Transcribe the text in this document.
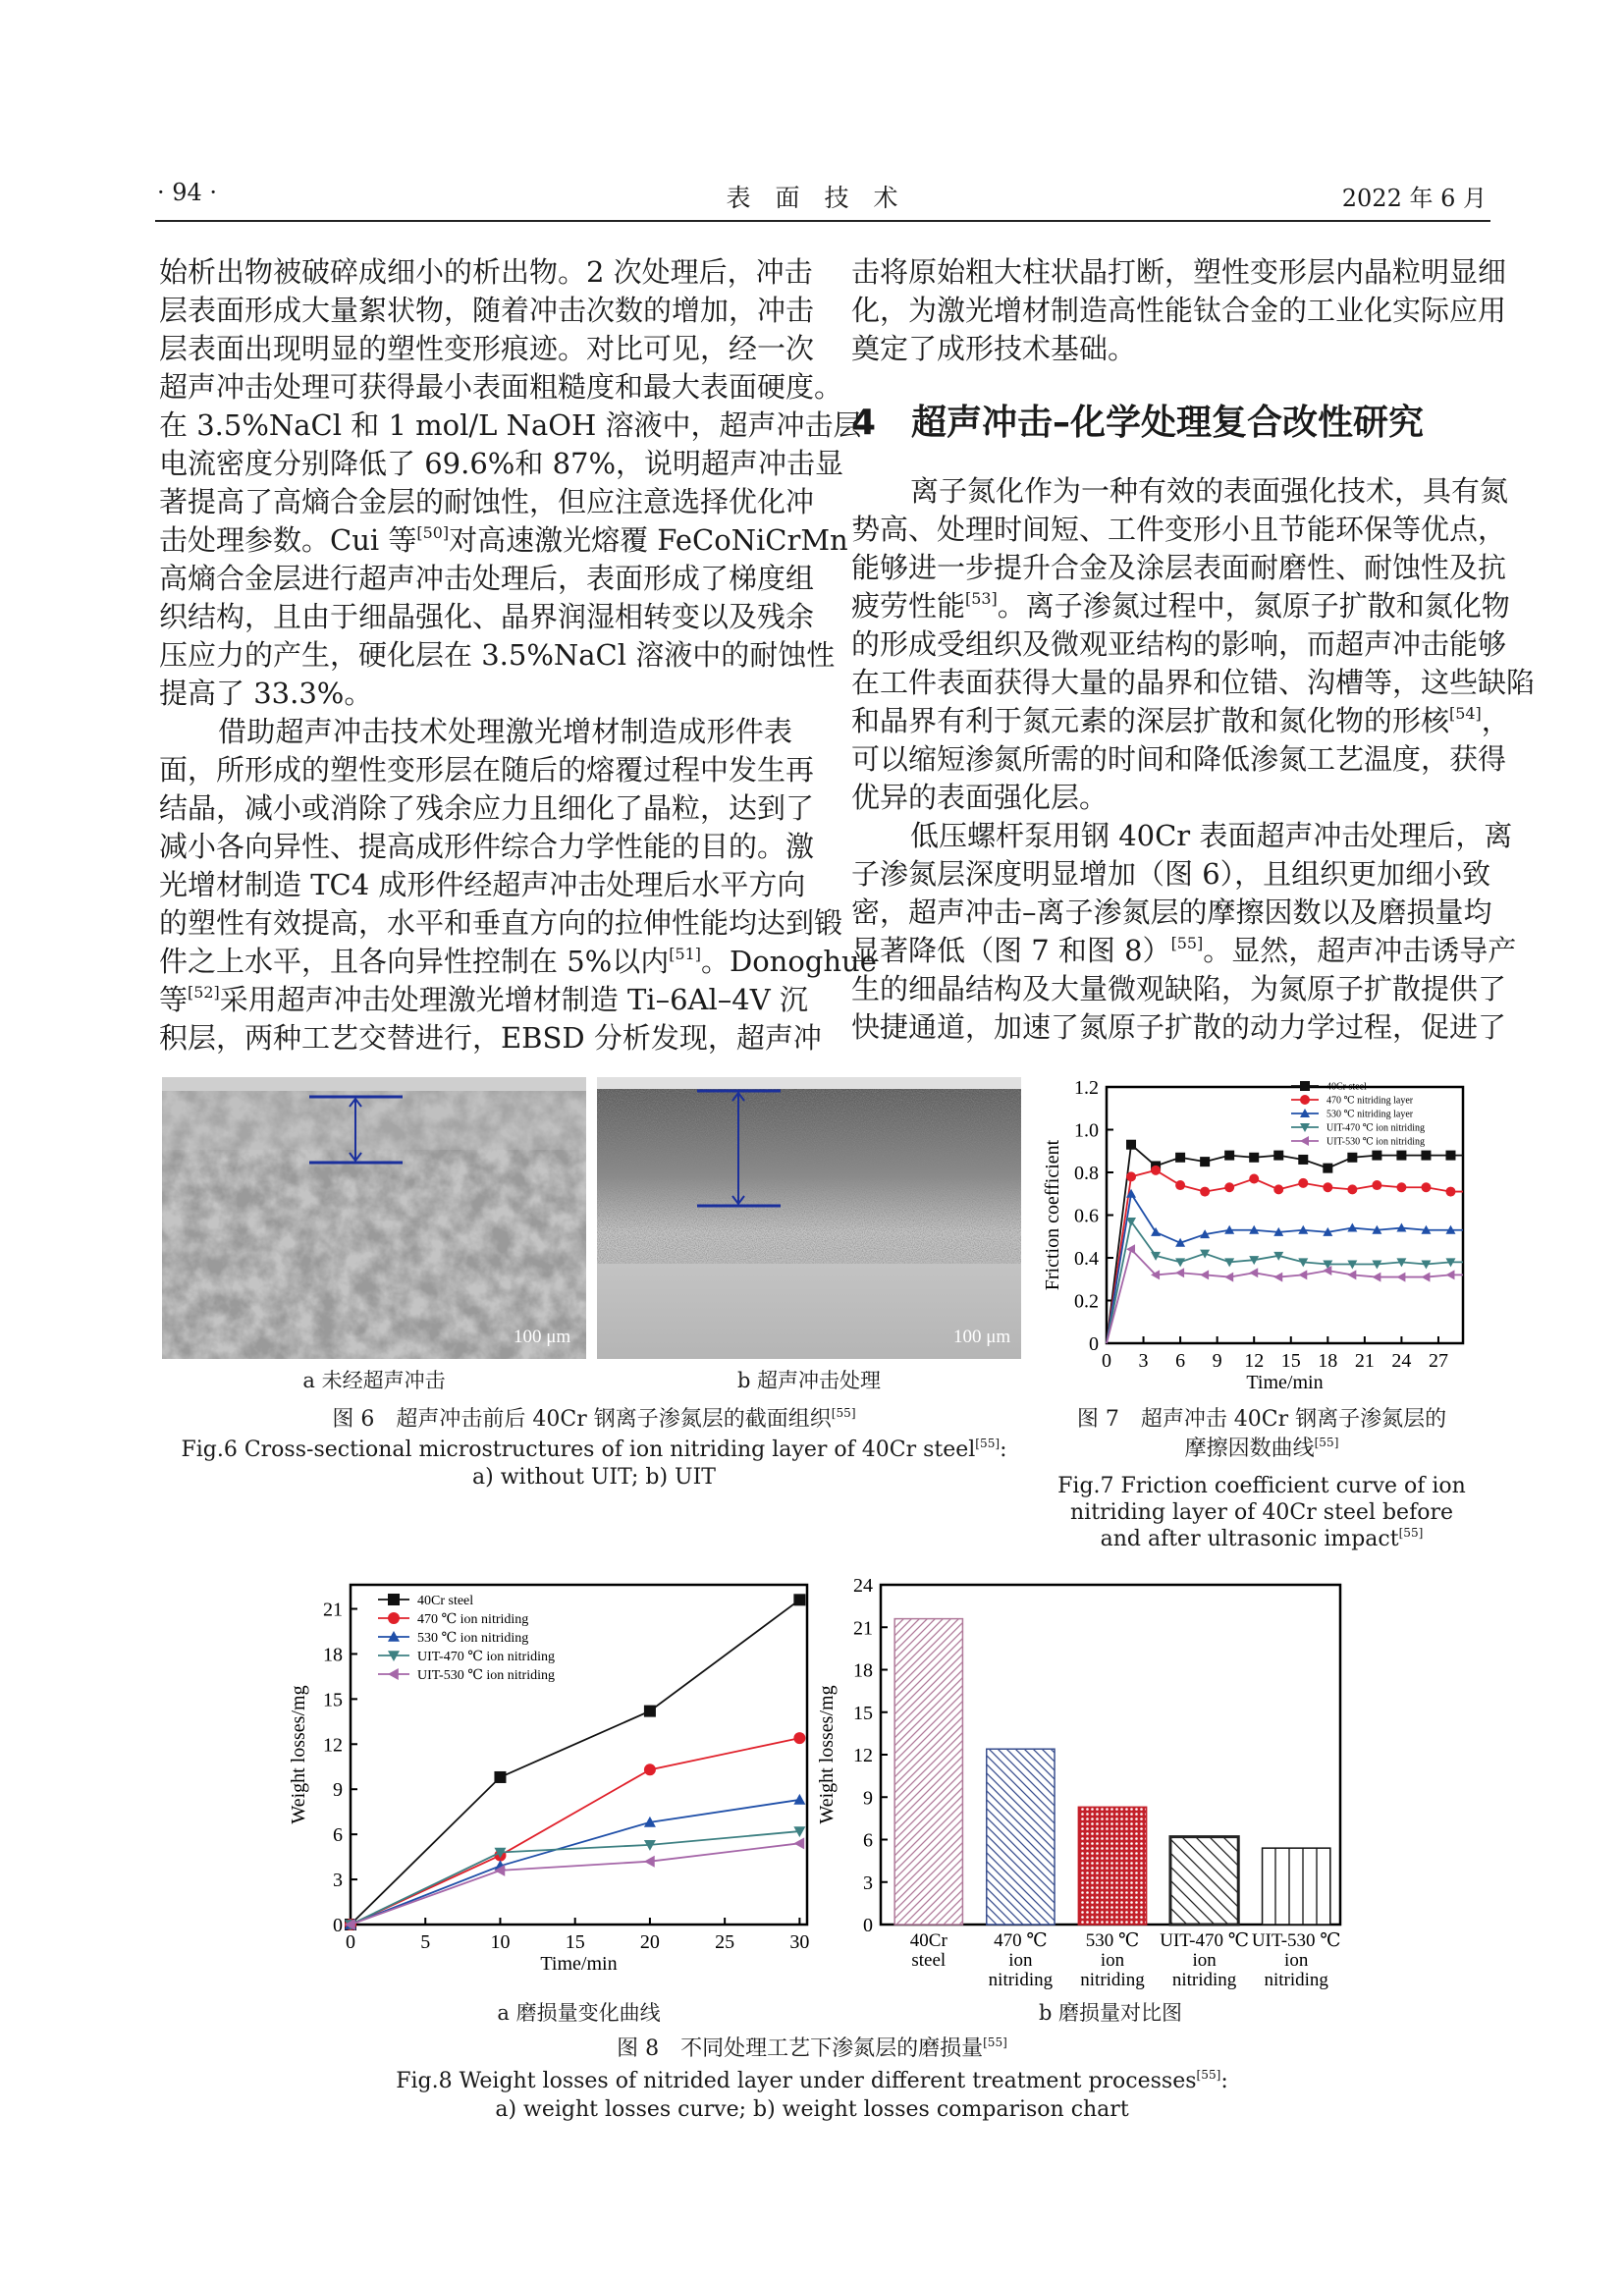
· 94 ·	表　面　技　术	2022 年 6 月
始析出物被破碎成细小的析出物。2 次处理后，冲击
层表面形成大量絮状物，随着冲击次数的增加，冲击
层表面出现明显的塑性变形痕迹。对比可见，经一次
超声冲击处理可获得最小表面粗糙度和最大表面硬度。
在 3.5%NaCl 和 1 mol/L NaOH 溶液中，超声冲击层
电流密度分别降低了 69.6%和 87%，说明超声冲击显
著提高了高熵合金层的耐蚀性，但应注意选择优化冲
击处理参数。Cui 等[50]对高速激光熔覆 FeCoNiCrMn
高熵合金层进行超声冲击处理后，表面形成了梯度组
织结构，且由于细晶强化、晶界润湿相转变以及残余
压应力的产生，硬化层在 3.5%NaCl 溶液中的耐蚀性
提高了 33.3%。
借助超声冲击技术处理激光增材制造成形件表
面，所形成的塑性变形层在随后的熔覆过程中发生再
结晶，减小或消除了残余应力且细化了晶粒，达到了
减小各向异性、提高成形件综合力学性能的目的。激
光增材制造 TC4 成形件经超声冲击处理后水平方向
的塑性有效提高，水平和垂直方向的拉伸性能均达到锻
件之上水平，且各向异性控制在 5%以内[51]。Donoghue
等[52]采用超声冲击处理激光增材制造 Ti–6Al–4V 沉
积层，两种工艺交替进行，EBSD 分析发现，超声冲
击将原始粗大柱状晶打断，塑性变形层内晶粒明显细
化，为激光增材制造高性能钛合金的工业化实际应用
奠定了成形技术基础。
4　超声冲击–化学处理复合改性研究
离子氮化作为一种有效的表面强化技术，具有氮
势高、处理时间短、工件变形小且节能环保等优点，
能够进一步提升合金及涂层表面耐磨性、耐蚀性及抗
疲劳性能[53]。离子渗氮过程中，氮原子扩散和氮化物
的形成受组织及微观亚结构的影响，而超声冲击能够
在工件表面获得大量的晶界和位错、沟槽等，这些缺陷
和晶界有利于氮元素的深层扩散和氮化物的形核[54]，
可以缩短渗氮所需的时间和降低渗氮工艺温度，获得
优异的表面强化层。
低压螺杆泵用钢 40Cr 表面超声冲击处理后，离
子渗氮层深度明显增加（图 6），且组织更加细小致
密，超声冲击–离子渗氮层的摩擦因数以及磨损量均
显著降低（图 7 和图 8）[55]。显然，超声冲击诱导产
生的细晶结构及大量微观缺陷，为氮原子扩散提供了
快捷通道，加速了氮原子扩散的动力学过程，促进了
100 μm	100 μm
a 未经超声冲击	b 超声冲击处理
图 6　超声冲击前后 40Cr 钢离子渗氮层的截面组织[55]
Fig.6 Cross-sectional microstructures of ion nitriding layer of 40Cr steel[55]:
a) without UIT; b) UIT
0 3 6 9 12 15 18 21 24 27
0
0.2
0.4
0.6
0.8
1.0
1.2
Time/min
Friction coefficient
40Cr steel
470 ℃ nitriding layer
530 ℃ nitriding layer
UIT-470 ℃ ion nitriding
UIT-530 ℃ ion nitriding
图 7　超声冲击 40Cr 钢离子渗氮层的
摩擦因数曲线[55]
Fig.7 Friction coefficient curve of ion
nitriding layer of 40Cr steel before
and after ultrasonic impact[55]
0	5	10	15	20	25	30
0
3
6
9
12
15
18
21
Time/min
Weight losses/mg
40Cr steel
470 ℃ ion nitriding
530 ℃ ion nitriding
UIT-470 ℃ ion nitriding
UIT-530 ℃ ion nitriding
0
3
6
9
12
15
18
21
24
Weight losses/mg
40Cr
steel
470 ℃
ion
nitriding
530 ℃
ion
nitriding
UIT-470 ℃
ion
nitriding
UIT-530 ℃
ion
nitriding
a 磨损量变化曲线	b 磨损量对比图
图 8　不同处理工艺下渗氮层的磨损量[55]
Fig.8 Weight losses of nitrided layer under different treatment processes[55]:
a) weight losses curve; b) weight losses comparison chart
